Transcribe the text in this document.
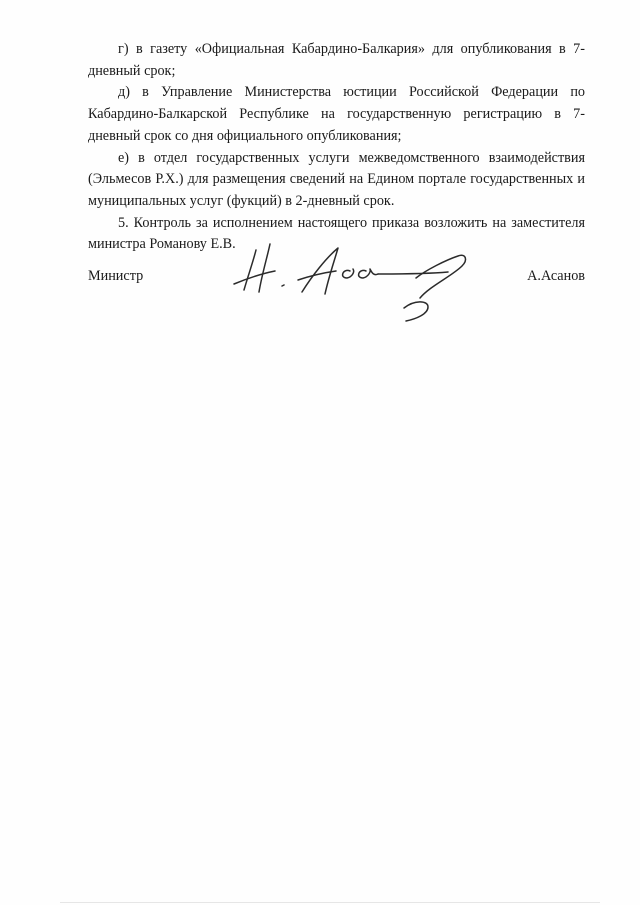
г) в газету «Официальная Кабардино-Балкария» для опубликования в 7-дневный срок;

д) в Управление Министерства юстиции Российской Федерации по Кабардино-Балкарской Республике на государственную регистрацию в 7-дневный срок со дня официального опубликования;

е) в отдел государственных услуги межведомственного взаимодействия (Эльмесов Р.Х.) для размещения сведений на Едином портале государственных и муниципальных услуг (фукций) в 2-дневный срок.

5. Контроль за исполнением настоящего приказа возложить на заместителя министра Романову Е.В.

Министр	А.Асанов
